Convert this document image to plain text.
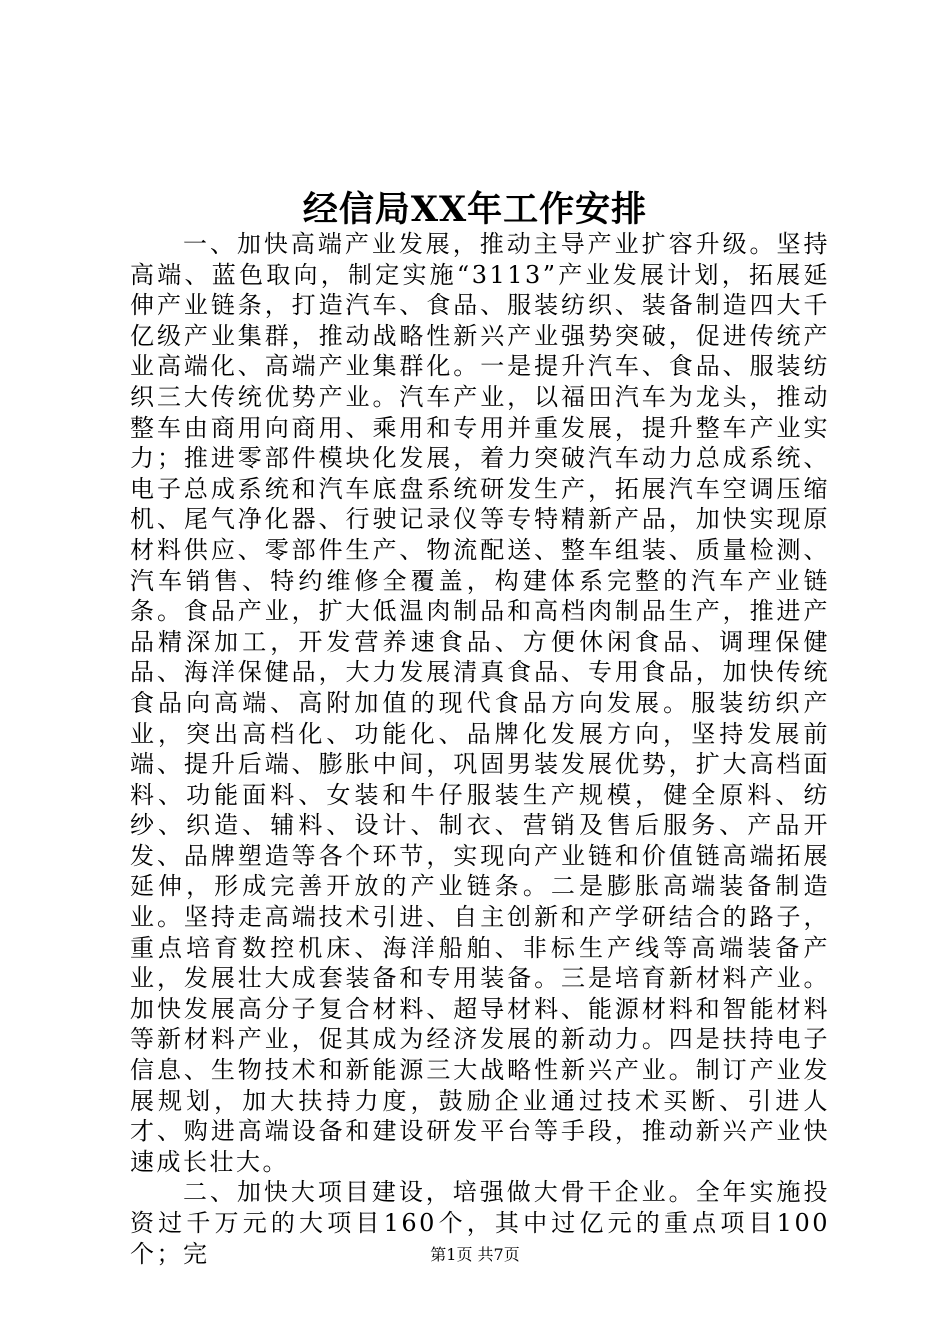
经信局XX年工作安排

一、加快高端产业发展，推动主导产业扩容升级。坚持高端、蓝色取向，制定实施“3113”产业发展计划，拓展延伸产业链条，打造汽车、食品、服装纺织、装备制造四大千亿级产业集群，推动战略性新兴产业强势突破，促进传统产业高端化、高端产业集群化。一是提升汽车、食品、服装纺织三大传统优势产业。汽车产业，以福田汽车为龙头，推动整车由商用向商用、乘用和专用并重发展，提升整车产业实力；推进零部件模块化发展，着力突破汽车动力总成系统、电子总成系统和汽车底盘系统研发生产，拓展汽车空调压缩机、尾气净化器、行驶记录仪等专特精新产品，加快实现原材料供应、零部件生产、物流配送、整车组装、质量检测、汽车销售、特约维修全覆盖，构建体系完整的汽车产业链条。食品产业，扩大低温肉制品和高档肉制品生产，推进产品精深加工，开发营养速食品、方便休闲食品、调理保健品、海洋保健品，大力发展清真食品、专用食品，加快传统食品向高端、高附加值的现代食品方向发展。服装纺织产业，突出高档化、功能化、品牌化发展方向，坚持发展前端、提升后端、膨胀中间，巩固男装发展优势，扩大高档面料、功能面料、女装和牛仔服装生产规模，健全原料、纺纱、织造、辅料、设计、制衣、营销及售后服务、产品开发、品牌塑造等各个环节，实现向产业链和价值链高端拓展延伸，形成完善开放的产业链条。二是膨胀高端装备制造业。坚持走高端技术引进、自主创新和产学研结合的路子，重点培育数控机床、海洋船舶、非标生产线等高端装备产业，发展壮大成套装备和专用装备。三是培育新材料产业。加快发展高分子复合材料、超导材料、能源材料和智能材料等新材料产业，促其成为经济发展的新动力。四是扶持电子信息、生物技术和新能源三大战略性新兴产业。制订产业发展规划，加大扶持力度，鼓励企业通过技术买断、引进人才、购进高端设备和建设研发平台等手段，推动新兴产业快速成长壮大。

二、加快大项目建设，培强做大骨干企业。全年实施投资过千万元的大项目160个，其中过亿元的重点项目100个；完	第1页 共7页
